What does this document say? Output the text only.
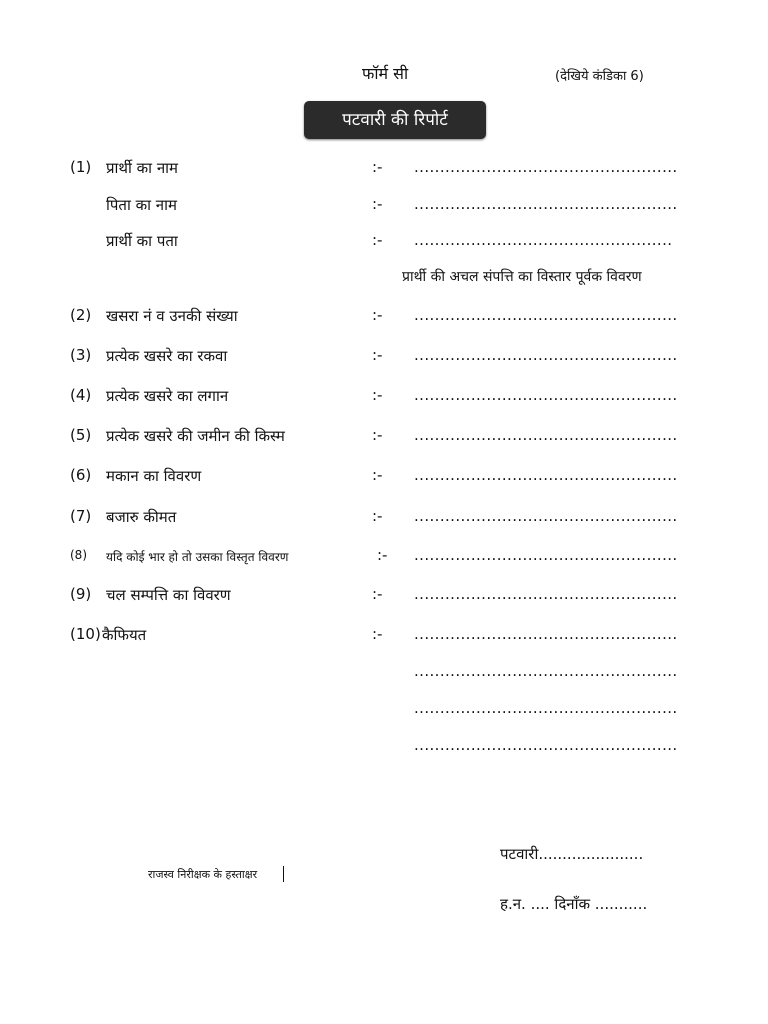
फॉर्म सी	(देखिये कंडिका 6)
पटवारी की रिपोर्ट
(1) प्रार्थी का नाम	:- ...................................................
पिता का नाम	:- ...................................................
प्रार्थी का पता	:- ..................................................
प्रार्थी की अचल संपत्ति का विस्तार पूर्वक विवरण
(2) खसरा नं व उनकी संख्या	:- ...................................................
(3) प्रत्येक खसरे का रकवा	:- ...................................................
(4) प्रत्येक खसरे का लगान	:- ...................................................
(5) प्रत्येक खसरे की जमीन की किस्म	:- ...................................................
(6) मकान का विवरण	:- ...................................................
(7) बजारु कीमत	:- ...................................................
(8) यदि कोई भार हो तो उसका विस्तृत विवरण	:- ...................................................
(9) चल सम्पत्ति का विवरण	:- ...................................................
(10) कैफियत	:- ...................................................
...................................................
...................................................
...................................................
राजस्व निरीक्षक के हस्ताक्षर
पटवारी......................
ह.न. .... दिनाँक ...........
